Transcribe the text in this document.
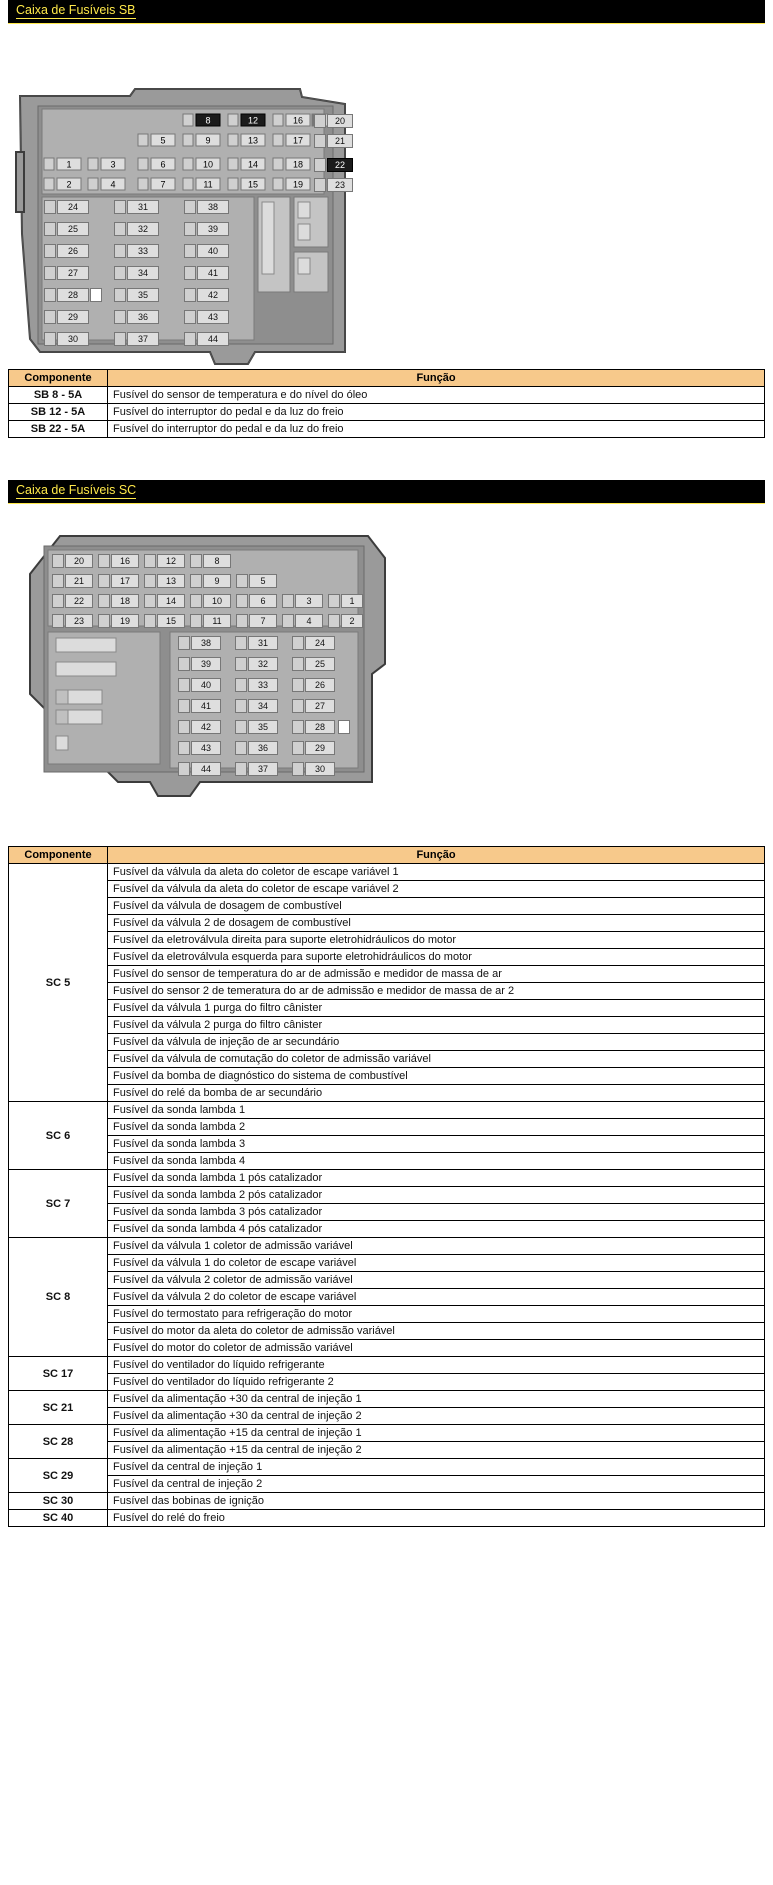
Caixa de Fusíveis SB
8	12	16
5	9	13	17
1	3	6	10	14	18
2	4	7	11	15	19
20
21
22
23
24
25
26
27
28
29
30
31
32
33
34
35
36
37
38
39
40
41
42
43
44
Componente	Função
SB 8 - 5A	Fusível do sensor de temperatura e do nível do óleo
SB 12 - 5A	Fusível do interruptor do pedal e da luz do freio
SB 22 - 5A	Fusível do interruptor do pedal e da luz do freio
Caixa de Fusíveis SC
20	16	12	8
21	17	13	9	5
22	18	14	10	6	3	1
23	19	15	11	7	4	2
38
39
40
41
42
43
44
31
32
33
34
35
36
37
24
25
26
27
28
29
30
Componente	Função
SC 5	Fusível da válvula da aleta do coletor de escape variável 1
	Fusível da válvula da aleta do coletor de escape variável 2
	Fusível da válvula de dosagem de combustível
	Fusível da válvula 2 de dosagem de combustível
	Fusível da eletroválvula direita para suporte eletrohidráulicos do motor
	Fusível da eletroválvula esquerda para suporte eletrohidráulicos do motor
	Fusível do sensor de temperatura do ar de admissão e medidor de massa de ar
	Fusível do sensor 2 de temeratura do ar de admissão e medidor de massa de ar 2
	Fusível da válvula 1 purga do filtro cânister
	Fusível da válvula 2 purga do filtro cânister
	Fusível da válvula de injeção de ar secundário
	Fusível da válvula de comutação do coletor de admissão variável
	Fusível da bomba de diagnóstico do sistema de combustível
	Fusível do relé da bomba de ar secundário
SC 6	Fusível da sonda lambda 1
	Fusível da sonda lambda 2
	Fusível da sonda lambda 3
	Fusível da sonda lambda 4
SC 7	Fusível da sonda lambda 1 pós catalizador
	Fusível da sonda lambda 2 pós catalizador
	Fusível da sonda lambda 3 pós catalizador
	Fusível da sonda lambda 4 pós catalizador
SC 8	Fusível da válvula 1 coletor de admissão variável
	Fusível da válvula 1 do coletor de escape variável
	Fusível da válvula 2 coletor de admissão variável
	Fusível da válvula 2 do coletor de escape variável
	Fusível do termostato para refrigeração do motor
	Fusível do motor da aleta do coletor de admissão variável
	Fusível do motor do coletor de admissão variável
SC 17	Fusível do ventilador do líquido refrigerante
	Fusível do ventilador do líquido refrigerante 2
SC 21	Fusível da alimentação +30 da central de injeção 1
	Fusível da alimentação +30 da central de injeção 2
SC 28	Fusível da alimentação +15 da central de injeção 1
	Fusível da alimentação +15 da central de injeção 2
SC 29	Fusível da central de injeção 1
	Fusível da central de injeção 2
SC 30	Fusível das bobinas de ignição
SC 40	Fusível do relé do freio
